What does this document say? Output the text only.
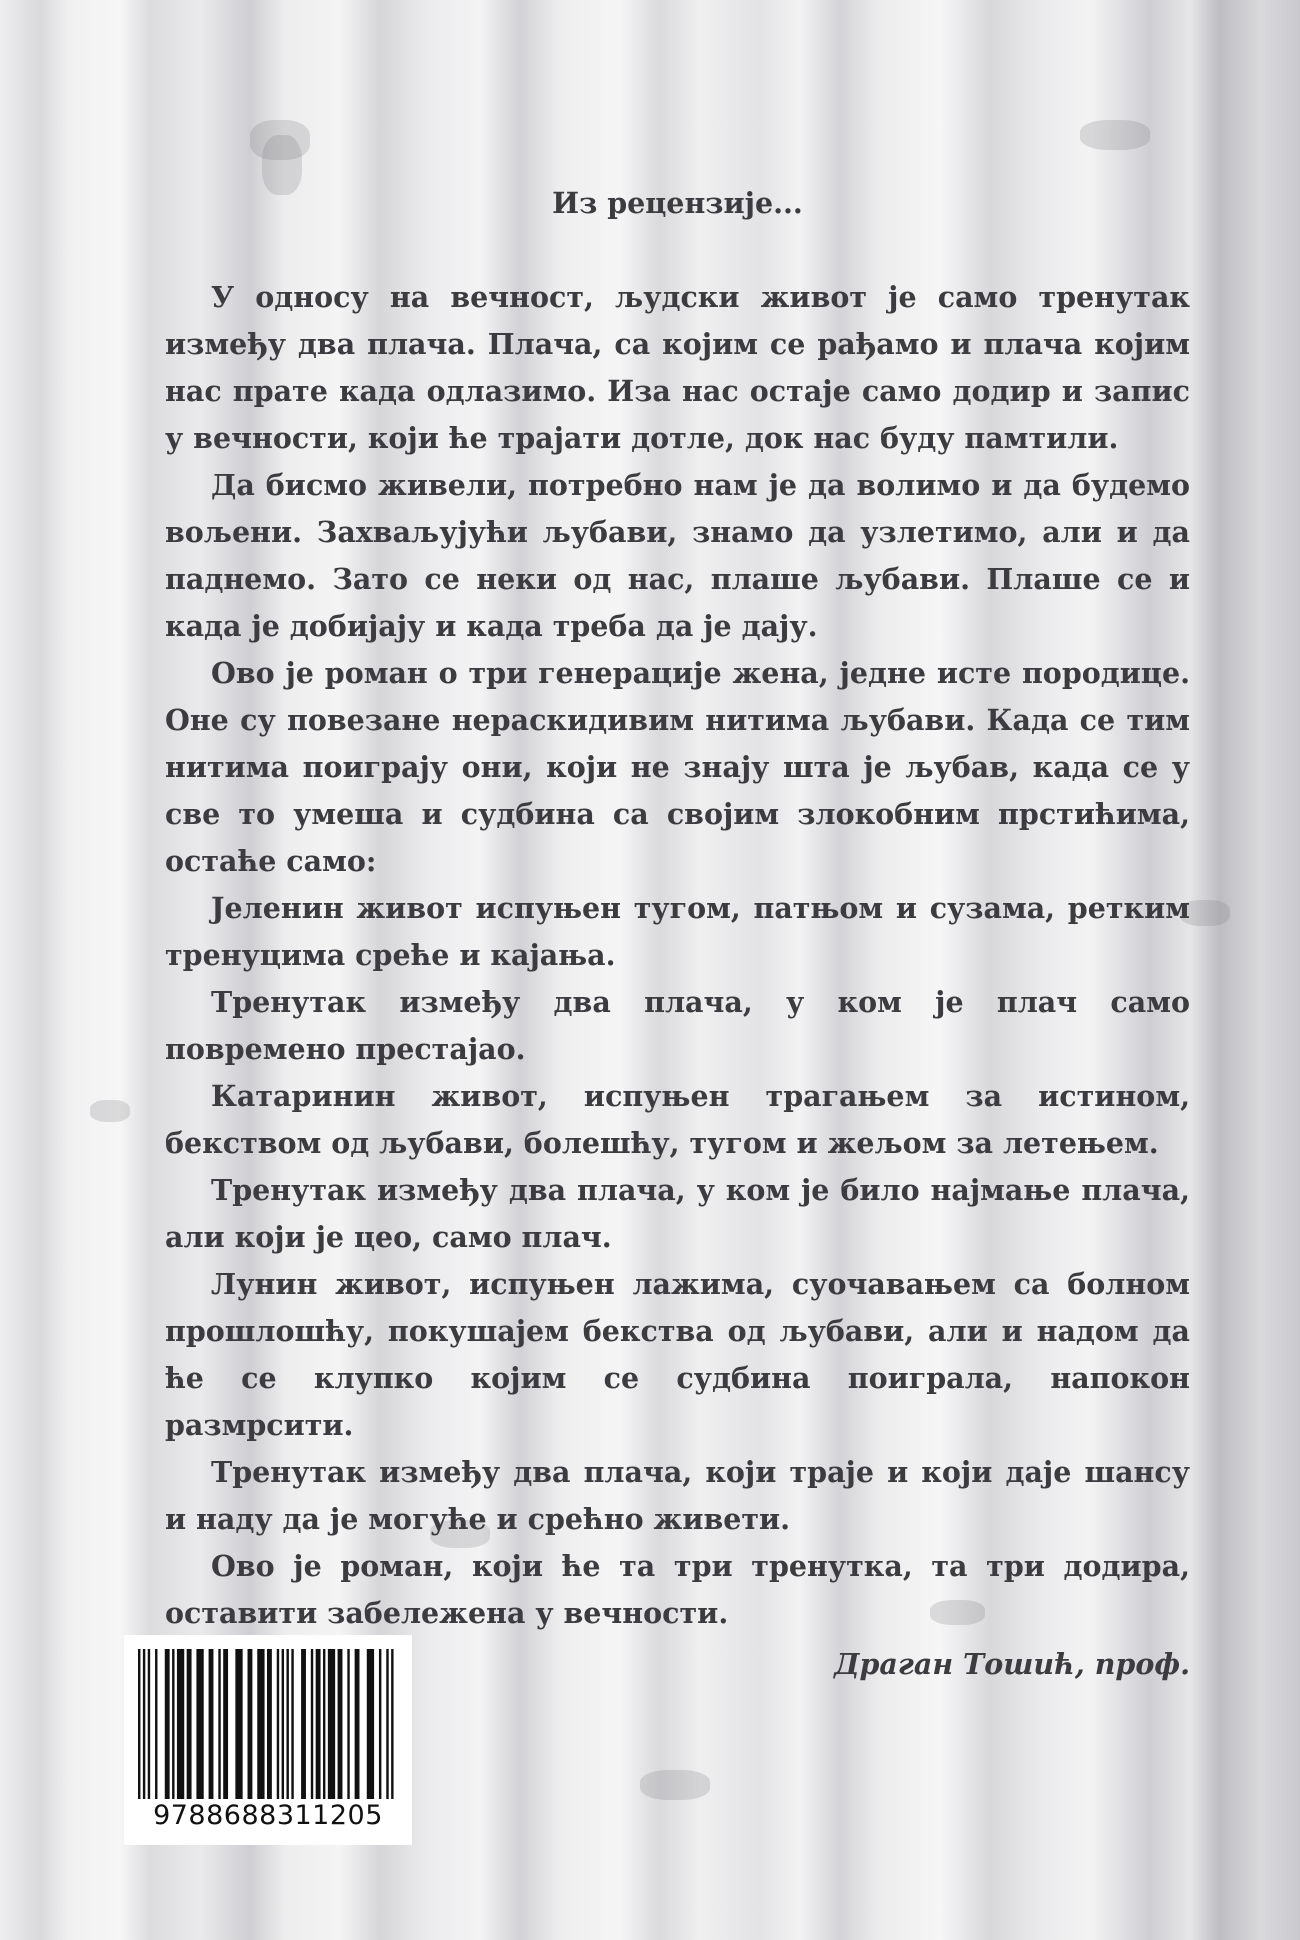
Из рецензије...

У односу на вечност, људски живот је само тренутак између два плача. Плача, са којим се рађамо и плача којим нас прате када одлазимо. Иза нас остаје само додир и запис у вечности, који ће трајати дотле, док нас буду памтили.

Да бисмо живели, потребно нам је да волимо и да будемо вољени. Захваљујући љубави, знамо да узлетимо, али и да паднемо. Зато се неки од нас, плаше љубави. Плаше се и када је добијају и када треба да је дају.

Ово је роман о три генерације жена, једне исте породице. Оне су повезане нераскидивим нитима љубави. Када се тим нитима поиграју они, који не знају шта је љубав, када се у све то умеша и судбина са својим злокобним прстићима, остаће само:

Јеленин живот испуњен тугом, патњом и сузама, ретким тренуцима среће и кајања.

Тренутак између два плача, у ком је плач само повремено престајао.

Катаринин живот, испуњен трагањем за истином, бекством од љубави, болешћу, тугом и жељом за летењем.

Тренутак између два плача, у ком је било најмање плача, али који је цео, само плач.

Лунин живот, испуњен лажима, суочавањем са болном прошлошћу, покушајем бекства од љубави, али и надом да ће се клупко којим се судбина поиграла, напокон размрсити.

Тренутак између два плача, који траје и који даје шансу и наду да је могуће и срећно живети.

Ово је роман, који ће та три тренутка, та три додира, оставити забележена у вечности.

Драган Тошић, проф.
9788688311205
